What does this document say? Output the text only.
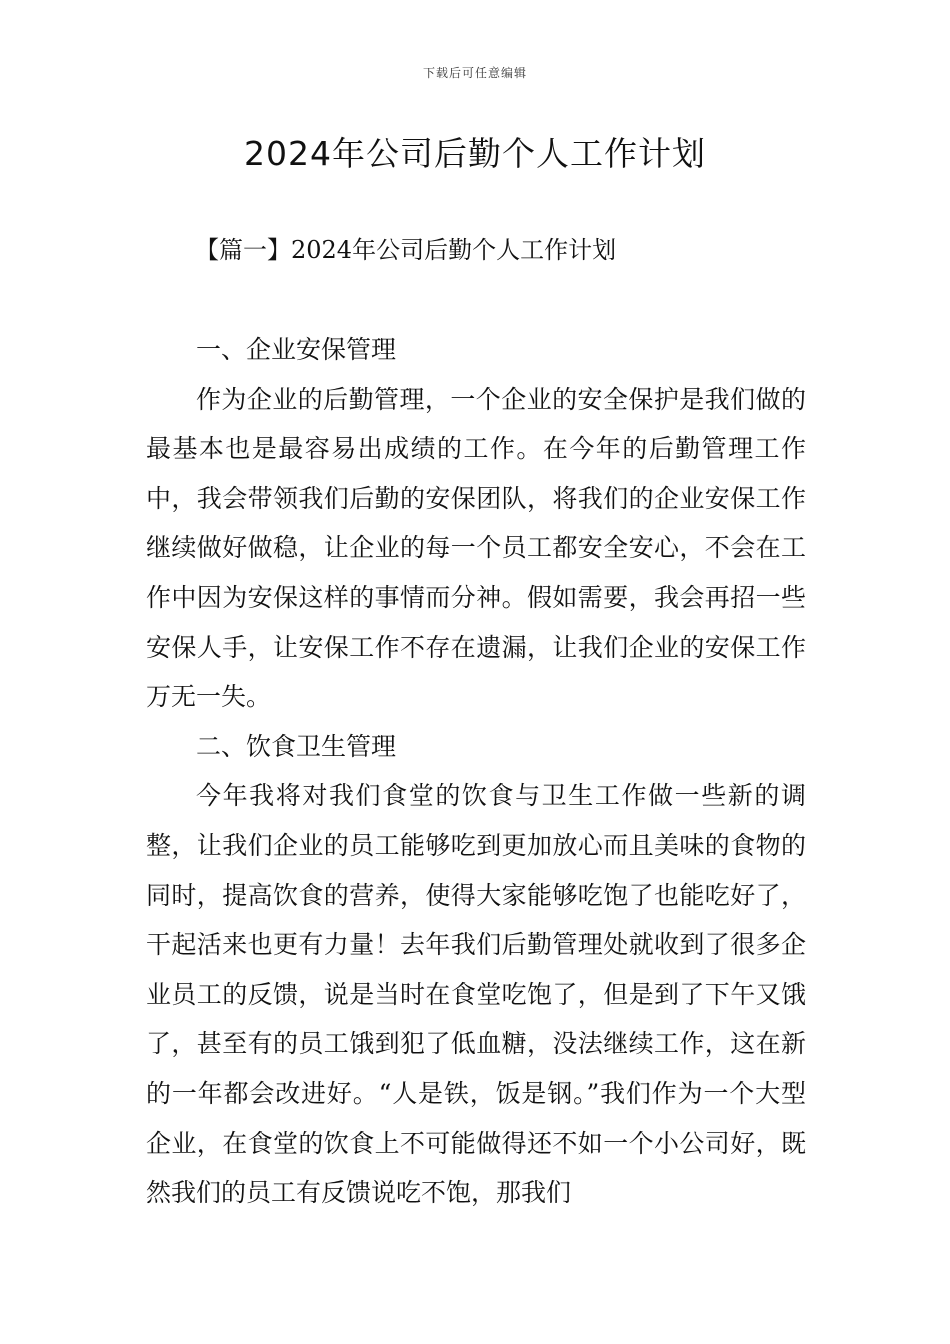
下载后可任意编辑
2024年公司后勤个人工作计划
【篇一】2024年公司后勤个人工作计划

一、企业安保管理

作为企业的后勤管理，一个企业的安全保护是我们做的最基本也是最容易出成绩的工作。在今年的后勤管理工作中，我会带领我们后勤的安保团队，将我们的企业安保工作继续做好做稳，让企业的每一个员工都安全安心，不会在工作中因为安保这样的事情而分神。假如需要，我会再招一些安保人手，让安保工作不存在遗漏，让我们企业的安保工作万无一失。

二、饮食卫生管理

今年我将对我们食堂的饮食与卫生工作做一些新的调整，让我们企业的员工能够吃到更加放心而且美味的食物的同时，提高饮食的营养，使得大家能够吃饱了也能吃好了，干起活来也更有力量！去年我们后勤管理处就收到了很多企业员工的反馈，说是当时在食堂吃饱了，但是到了下午又饿了，甚至有的员工饿到犯了低血糖，没法继续工作，这在新的一年都会改进好。“人是铁，饭是钢。”我们作为一个大型企业，在食堂的饮食上不可能做得还不如一个小公司好，既然我们的员工有反馈说吃不饱，那我们
